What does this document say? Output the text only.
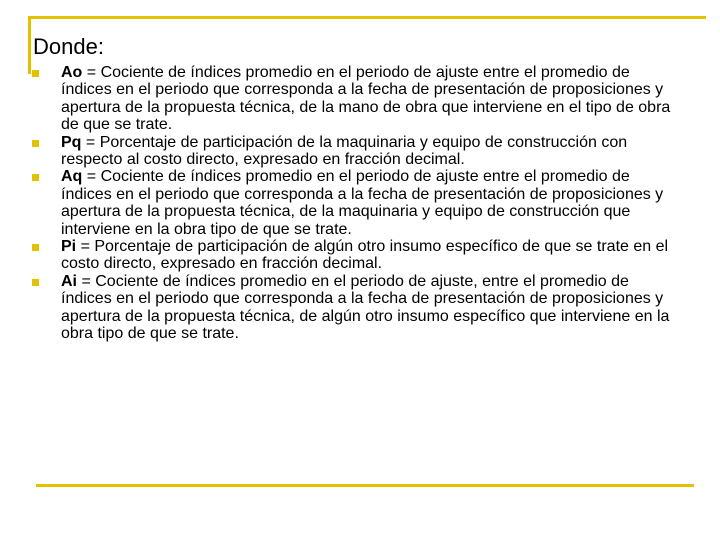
Donde:
Ao = Cociente de índices promedio en el periodo de ajuste entre el promedio de índices en el periodo que corresponda a la fecha de presentación de proposiciones y apertura de la propuesta técnica, de la mano de obra que interviene en el tipo de obra de que se trate.
Pq = Porcentaje de participación de la maquinaria y equipo de construcción con respecto al costo directo, expresado en fracción decimal.
Aq = Cociente de índices promedio en el periodo de ajuste entre el promedio de índices en el periodo que corresponda a la fecha de presentación de proposiciones y apertura de la propuesta técnica, de la maquinaria y equipo de construcción que interviene en la obra tipo de que se trate.
Pi = Porcentaje de participación de algún otro insumo específico de que se trate en el costo directo, expresado en fracción decimal.
Ai = Cociente de índices promedio en el periodo de ajuste, entre el promedio de índices en el periodo que corresponda a la fecha de presentación de proposiciones y apertura de la propuesta técnica, de algún otro insumo específico que interviene en la obra tipo de que se trate.
